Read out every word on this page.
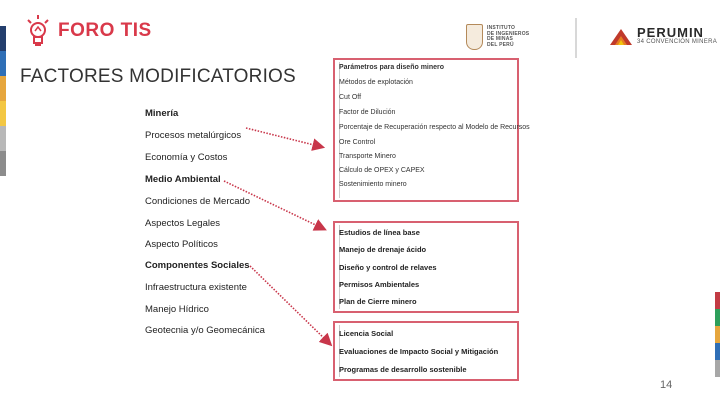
FORO TIS	INSTITUTO
DE INGENIEROS
DE MINAS
DEL PERÚ
PERUMIN
34 CONVENCIÓN MINERA
FACTORES MODIFICATORIOS
Minería
Procesos metalúrgicos
Economía y Costos
Medio Ambiental
Condiciones de Mercado
Aspectos Legales
Aspecto Políticos
Componentes Sociales
Infraestructura existente
Manejo Hídrico
Geotecnia y/o Geomecánica
Parámetros para diseño minero
Métodos de explotación
Cut Off
Factor de Dilución
Porcentaje de Recuperación respecto al Modelo de Recursos
Ore Control
Transporte Minero
Cálculo de OPEX y CAPEX
Sostenimiento minero
Estudios de línea base
Manejo de drenaje ácido
Diseño y control de relaves
Permisos Ambientales
Plan de Cierre minero
Licencia Social
Evaluaciones de Impacto Social y Mitigación
Programas de desarrollo sostenible
14
